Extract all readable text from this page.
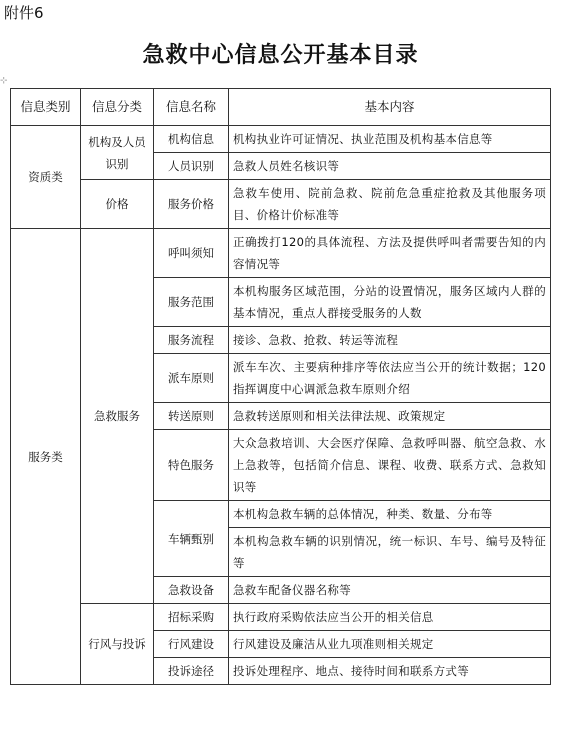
附件6
急救中心信息公开基本目录
⊹
信息类别	信息分类	信息名称	基本内容
资质类	机构及人员识别	机构信息	机构执业许可证情况、执业范围及机构基本信息等
		人员识别	急救人员姓名核识等
	价格	服务价格	急救车使用、院前急救、院前危急重症抢救及其他服务项目、价格计价标准等
服务类	急救服务	呼叫须知	正确拨打120的具体流程、方法及提供呼叫者需要告知的内容情况等
		服务范围	本机构服务区域范围，分站的设置情况，服务区域内人群的基本情况，重点人群接受服务的人数
		服务流程	接诊、急救、抢救、转运等流程
		派车原则	派车车次、主要病种排序等依法应当公开的统计数据；120指挥调度中心调派急救车原则介绍
		转送原则	急救转送原则和相关法律法规、政策规定
		特色服务	大众急救培训、大会医疗保障、急救呼叫器、航空急救、水上急救等，包括简介信息、课程、收费、联系方式、急救知识等
		车辆甄别	本机构急救车辆的总体情况，种类、数量、分布等
			本机构急救车辆的识别情况，统一标识、车号、编号及特征等
		急救设备	急救车配备仪器名称等
	行风与投诉	招标采购	执行政府采购依法应当公开的相关信息
		行风建设	行风建设及廉洁从业九项准则相关规定
		投诉途径	投诉处理程序、地点、接待时间和联系方式等
